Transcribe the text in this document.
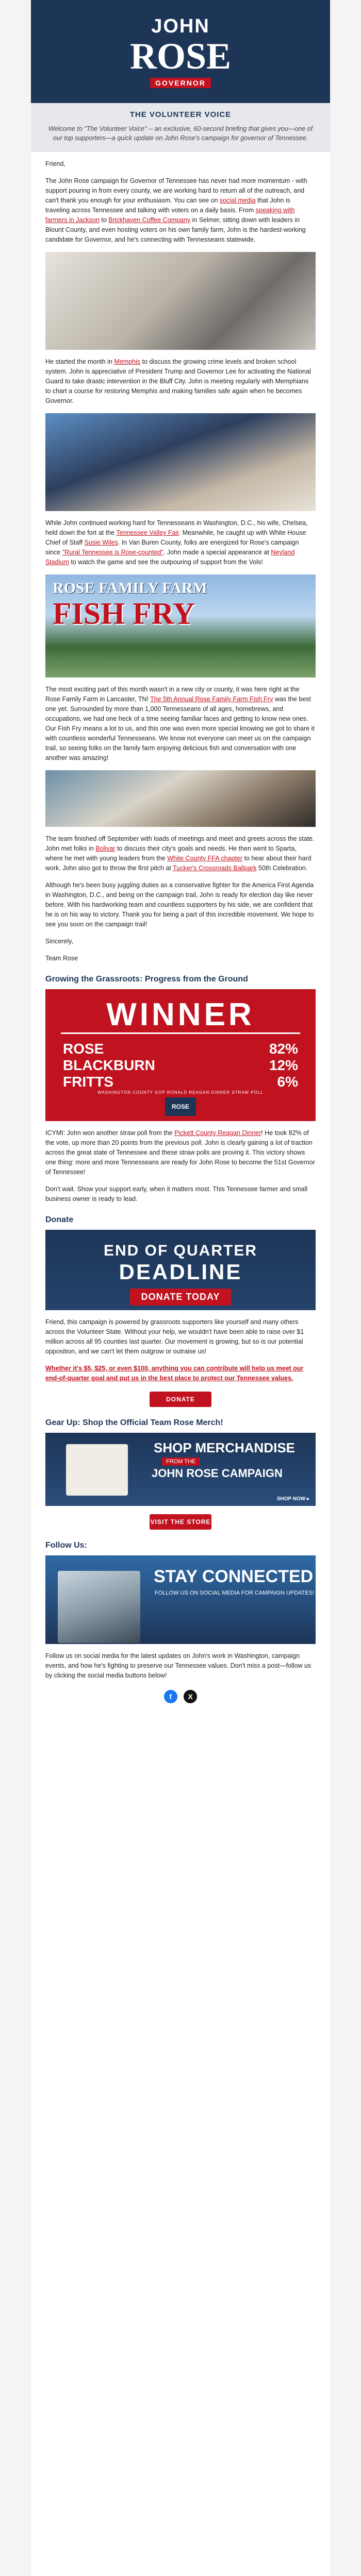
JOHN
ROSE
GOVERNOR
THE VOLUNTEER VOICE

Welcome to "The Volunteer Voice" -- an exclusive, 60-second briefing that gives you—one of our top supporters—a quick update on John Rose's campaign for governor of Tennessee.

Friend,

The John Rose campaign for Governor of Tennessee has never had more momentum - with support pouring in from every county, we are working hard to return all of the outreach, and can't thank you enough for your enthusiasm. You can see on social media that John is traveling across Tennessee and talking with voters on a daily basis. From speaking with farmers in Jackson to Brickhaven Coffee Company in Selmer, sitting down with leaders in Blount County, and even hosting voters on his own family farm, John is the hardest-working candidate for Governor, and he's connecting with Tennesseans statewide.

He started the month in Memphis to discuss the growing crime levels and broken school system. John is appreciative of President Trump and Governor Lee for activating the National Guard to take drastic intervention in the Bluff City. John is meeting regularly with Memphians to chart a course for restoring Memphis and making families safe again when he becomes Governor.

While John continued working hard for Tennesseans in Washington, D.C., his wife, Chelsea, held down the fort at the Tennessee Valley Fair. Meanwhile, he caught up with White House Chief of Staff Susie Wiles. In Van Buren County, folks are energized for Rose's campaign since "Rural Tennessee is Rose-counted". John made a special appearance at Neyland Stadium to watch the game and see the outpouring of support from the Vols!

ROSE FAMILY FARM
FISH FRY

The most exciting part of this month wasn't in a new city or county, it was here right at the Rose Family Farm in Lancaster, TN! The 5th Annual Rose Family Farm Fish Fry was the best one yet. Surrounded by more than 1,000 Tennesseans of all ages, homebrews, and occupations, we had one heck of a time seeing familiar faces and getting to know new ones. Our Fish Fry means a lot to us, and this one was even more special knowing we got to share it with countless wonderful Tennesseans. We know not everyone can meet us on the campaign trail, so seeing folks on the family farm enjoying delicious fish and conversation with one another was amazing!

The team finished off September with loads of meetings and meet and greets across the state. John met folks in Bolivar to discuss their city's goals and needs. He then went to Sparta, where he met with young leaders from the White County FFA chapter to hear about their hard work. John also got to throw the first pitch at Tucker's Crossroads Ballpark 50th Celebration.

Although he's been busy juggling duties as a conservative fighter for the America First Agenda in Washington, D.C., and being on the campaign trail, John is ready for election day like never before. With his hardworking team and countless supporters by his side, we are confident that he is on his way to victory. Thank you for being a part of this incredible movement. We hope to see you soon on the campaign trail!

Sincerely,

Team Rose

Growing the Grassroots: Progress from the Ground
WINNER
ROSE	82%
BLACKBURN	12%
FRITTS	6%
WASHINGTON COUNTY GOP RONALD REAGAN DINNER STRAW POLL
ROSE

ICYMI: John won another straw poll from the Pickett County Reagan Dinner! He took 82% of the vote, up more than 20 points from the previous poll. John is clearly gaining a lot of traction across the great state of Tennessee and these straw polls are proving it. This victory shows one thing: more and more Tennesseans are ready for John Rose to become the 51st Governor of Tennessee!

Don't wait. Show your support early, when it matters most. This Tennessee farmer and small business owner is ready to lead.

Donate
END OF QUARTER
DEADLINE
DONATE TODAY

Friend, this campaign is powered by grassroots supporters like yourself and many others across the Volunteer State. Without your help, we wouldn't have been able to raise over $1 million across all 95 counties last quarter. Our movement is growing, but so is our potential opposition, and we can't let them outgrow or outraise us!

Whether it's $5, $25, or even $100, anything you can contribute will help us meet our end-of-quarter goal and put us in the best place to protect our Tennessee values.

DONATE
Gear Up: Shop the Official Team Rose Merch!
SHOP MERCHANDISE
FROM THE
JOHN ROSE CAMPAIGN
SHOP NOW ▸
VISIT THE STORE
Follow Us:
STAY CONNECTED
FOLLOW US ON SOCIAL MEDIA FOR CAMPAIGN UPDATES!

Follow us on social media for the latest updates on John's work in Washington, campaign events, and how he's fighting to preserve our Tennessee values. Don't miss a post—follow us by clicking the social media buttons below!

f X
